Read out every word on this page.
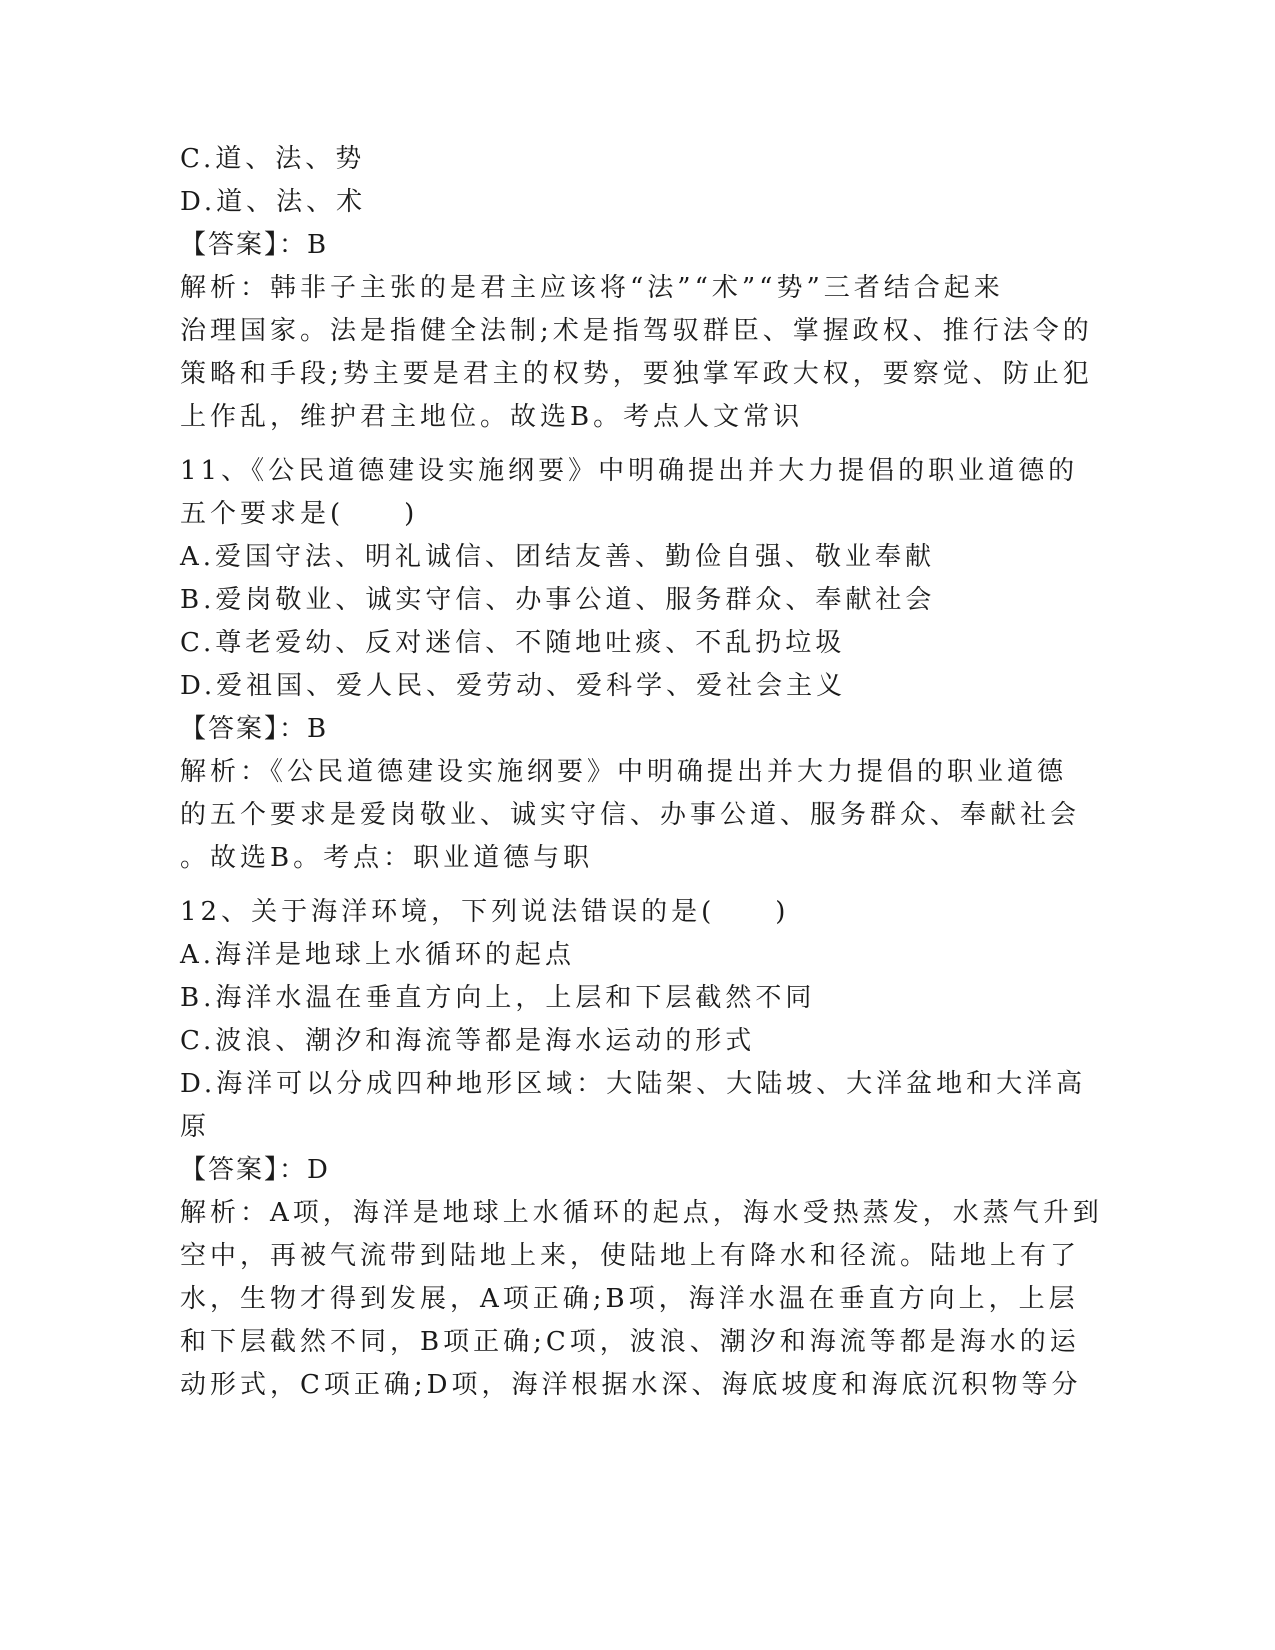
C.道、法、势
D.道、法、术
【答案】：B
解析：韩非子主张的是君主应该将“法”“术”“势”三者结合起来
治理国家。法是指健全法制;术是指驾驭群臣、掌握政权、推行法令的
策略和手段;势主要是君主的权势，要独掌军政大权，要察觉、防止犯
上作乱，维护君主地位。故选B。考点人文常识
11、《公民道德建设实施纲要》中明确提出并大力提倡的职业道德的
五个要求是(　　)
A.爱国守法、明礼诚信、团结友善、勤俭自强、敬业奉献
B.爱岗敬业、诚实守信、办事公道、服务群众、奉献社会
C.尊老爱幼、反对迷信、不随地吐痰、不乱扔垃圾
D.爱祖国、爱人民、爱劳动、爱科学、爱社会主义
【答案】：B
解析：《公民道德建设实施纲要》中明确提出并大力提倡的职业道德
的五个要求是爱岗敬业、诚实守信、办事公道、服务群众、奉献社会
。故选B。考点：职业道德与职
12、关于海洋环境，下列说法错误的是(　　)
A.海洋是地球上水循环的起点
B.海洋水温在垂直方向上，上层和下层截然不同
C.波浪、潮汐和海流等都是海水运动的形式
D.海洋可以分成四种地形区域：大陆架、大陆坡、大洋盆地和大洋高
原
【答案】：D
解析：A项，海洋是地球上水循环的起点，海水受热蒸发，水蒸气升到
空中，再被气流带到陆地上来，使陆地上有降水和径流。陆地上有了
水，生物才得到发展，A项正确;B项，海洋水温在垂直方向上，上层
和下层截然不同，B项正确;C项，波浪、潮汐和海流等都是海水的运
动形式，C项正确;D项，海洋根据水深、海底坡度和海底沉积物等分
